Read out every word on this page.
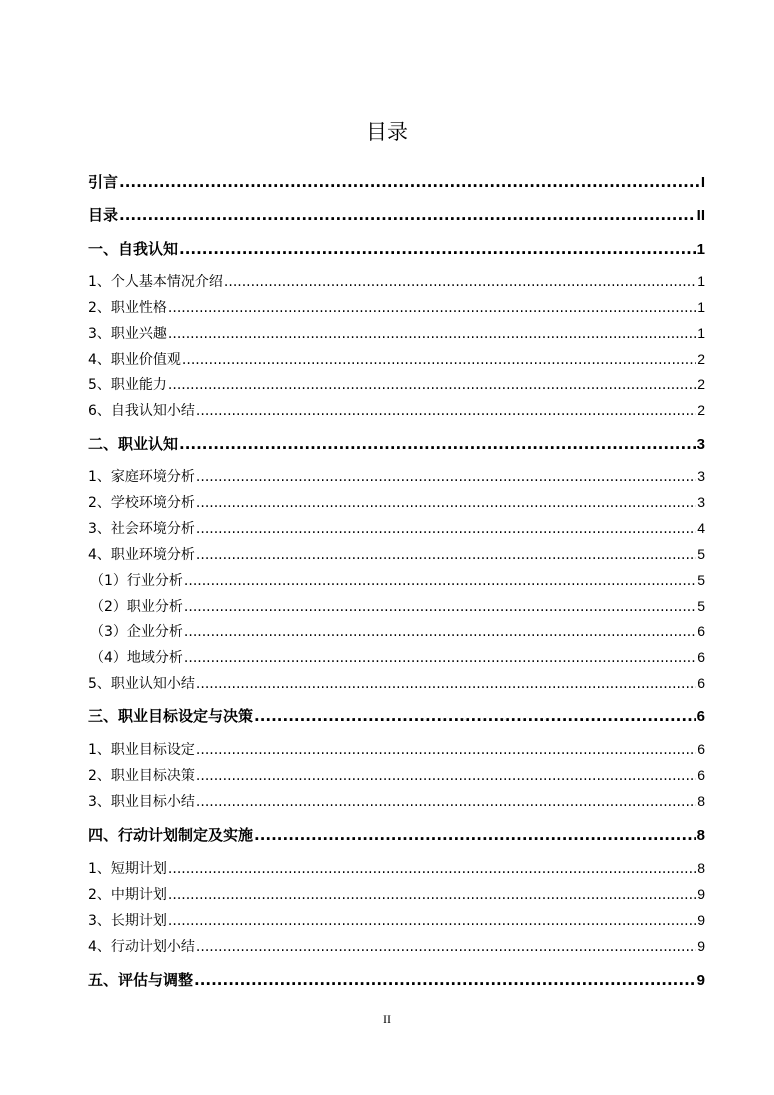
目录
引言 .....	I
目录 .....	II
一、自我认知 .....	1
1、个人基本情况介绍 .....	1
2、职业性格 .....	1
3、职业兴趣 .....	1
4、职业价值观 .....	2
5、职业能力 .....	2
6、自我认知小结 .....	2
二、职业认知 .....	3
1、家庭环境分析 .....	3
2、学校环境分析 .....	3
3、社会环境分析 .....	4
4、职业环境分析 .....	5
（1）行业分析 .....	5
（2）职业分析 .....	5
（3）企业分析 .....	6
（4）地域分析 .....	6
5、职业认知小结 .....	6
三、职业目标设定与决策 .....	6
1、职业目标设定 .....	6
2、职业目标决策 .....	6
3、职业目标小结 .....	8
四、行动计划制定及实施 .....	8
1、短期计划 .....	8
2、中期计划 .....	9
3、长期计划 .....	9
4、行动计划小结 .....	9
五、评估与调整 .....	9
II
